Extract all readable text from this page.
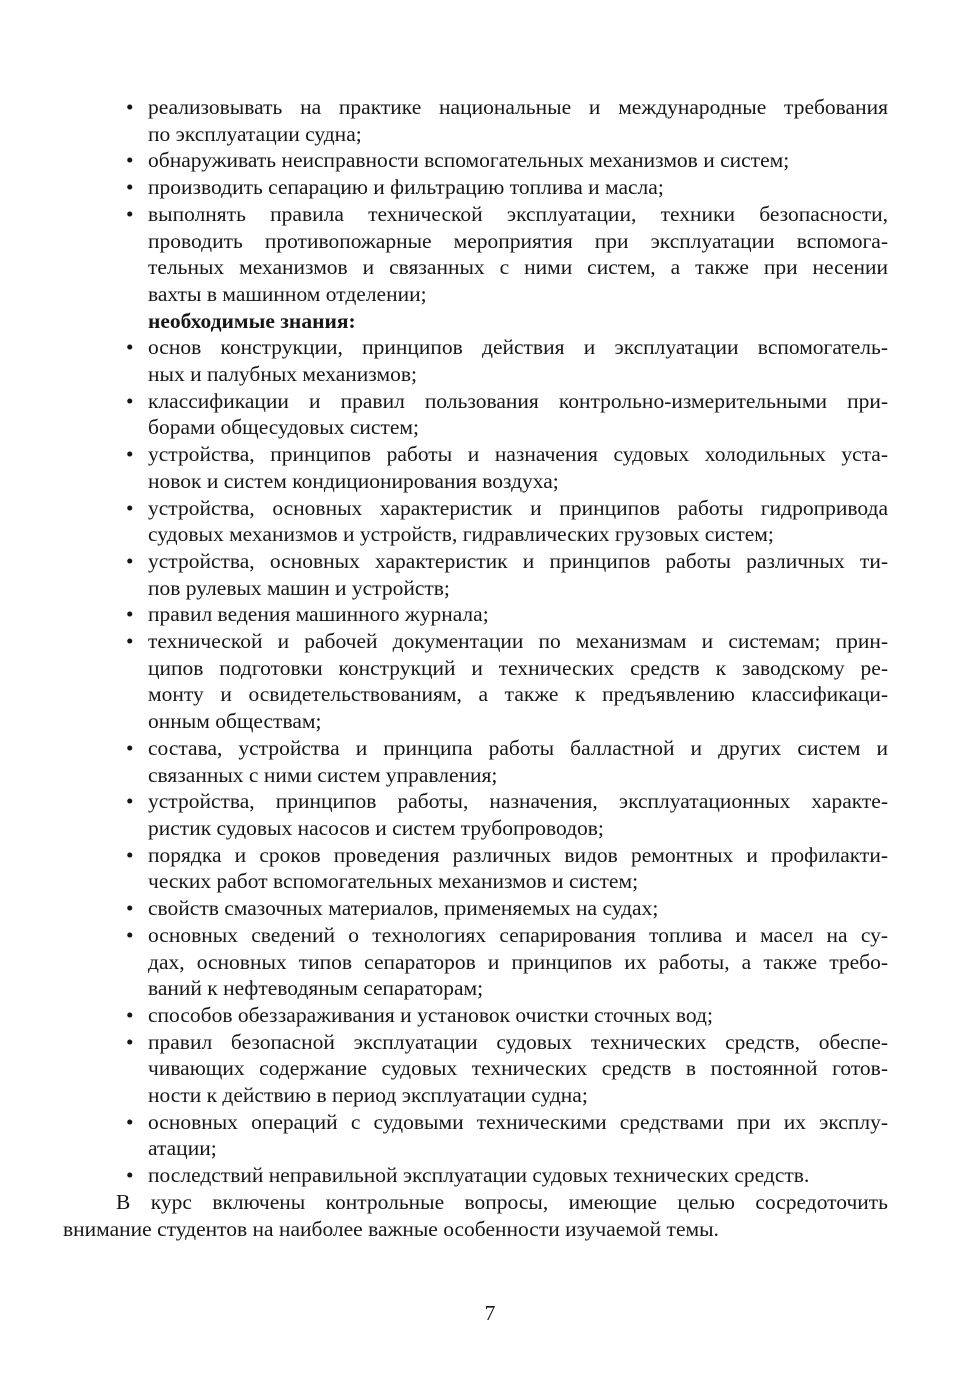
• реализовывать на практике национальные и международные требования
по эксплуатации судна;
• обнаруживать неисправности вспомогательных механизмов и систем;
• производить сепарацию и фильтрацию топлива и масла;
• выполнять правила технической эксплуатации, техники безопасности,
проводить противопожарные мероприятия при эксплуатации вспомога-
тельных механизмов и связанных с ними систем, а также при несении
вахты в машинном отделении;
необходимые знания:
• основ конструкции, принципов действия и эксплуатации вспомогатель-
ных и палубных механизмов;
• классификации и правил пользования контрольно-измерительными при-
борами общесудовых систем;
• устройства, принципов работы и назначения судовых холодильных уста-
новок и систем кондиционирования воздуха;
• устройства, основных характеристик и принципов работы гидропривода
судовых механизмов и устройств, гидравлических грузовых систем;
• устройства, основных характеристик и принципов работы различных ти-
пов рулевых машин и устройств;
• правил ведения машинного журнала;
• технической и рабочей документации по механизмам и системам; прин-
ципов подготовки конструкций и технических средств к заводскому ре-
монту и освидетельствованиям, а также к предъявлению классификаци-
онным обществам;
• состава, устройства и принципа работы балластной и других систем и
связанных с ними систем управления;
• устройства, принципов работы, назначения, эксплуатационных характе-
ристик судовых насосов и систем трубопроводов;
• порядка и сроков проведения различных видов ремонтных и профилакти-
ческих работ вспомогательных механизмов и систем;
• свойств смазочных материалов, применяемых на судах;
• основных сведений о технологиях сепарирования топлива и масел на су-
дах, основных типов сепараторов и принципов их работы, а также требо-
ваний к нефтеводяным сепараторам;
• способов обеззараживания и установок очистки сточных вод;
• правил безопасной эксплуатации судовых технических средств, обеспе-
чивающих содержание судовых технических средств в постоянной готов-
ности к действию в период эксплуатации судна;
• основных операций с судовыми техническими средствами при их эксплу-
атации;
• последствий неправильной эксплуатации судовых технических средств.
В курс включены контрольные вопросы, имеющие целью сосредоточить
внимание студентов на наиболее важные особенности изучаемой темы.
7
